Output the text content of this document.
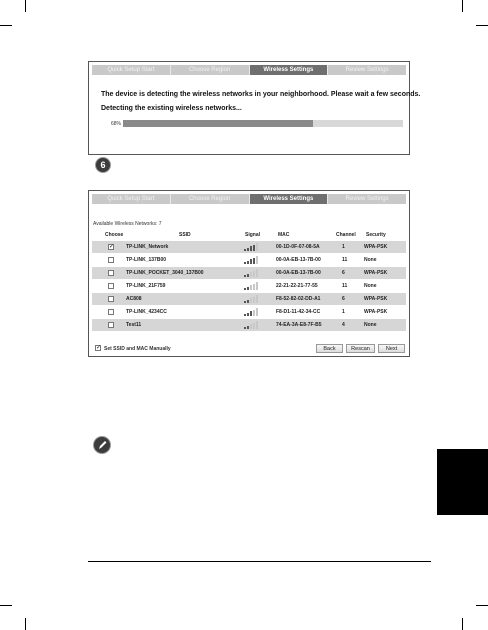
Quick Setup Start	Choose Region	Wireless Settings	Review Settings
The device is detecting the wireless networks in your neighborhood. Please wait a few seconds.
Detecting the existing wireless networks...
68%
6
Quick Setup Start	Choose Region	Wireless Settings	Review Settings
Available Wireless Networks: 7
Choose	SSID	Signal	MAC	Channel Security
✓ TP-LINK_Network	00-1D-0F-07-08-5A	1	WPA-PSK
TP-LINK_137B00	00-0A-EB-13-7B-00	11	None
TP-LINK_POCKET_3040_137B00	00-0A-EB-13-7B-00	6	WPA-PSK
TP-LINK_21F759	22-21-22-21-77-55	11	None
AC808	F8-52-82-02-DD-A1	6	WPA-PSK
TP-LINK_4234CC	F8-D1-11-42-34-CC	1	WPA-PSK
Test11	74-EA-3A-E8-7F-B5	4	None
✓ Set SSID and MAC Manually	Back	Rescan	Next
